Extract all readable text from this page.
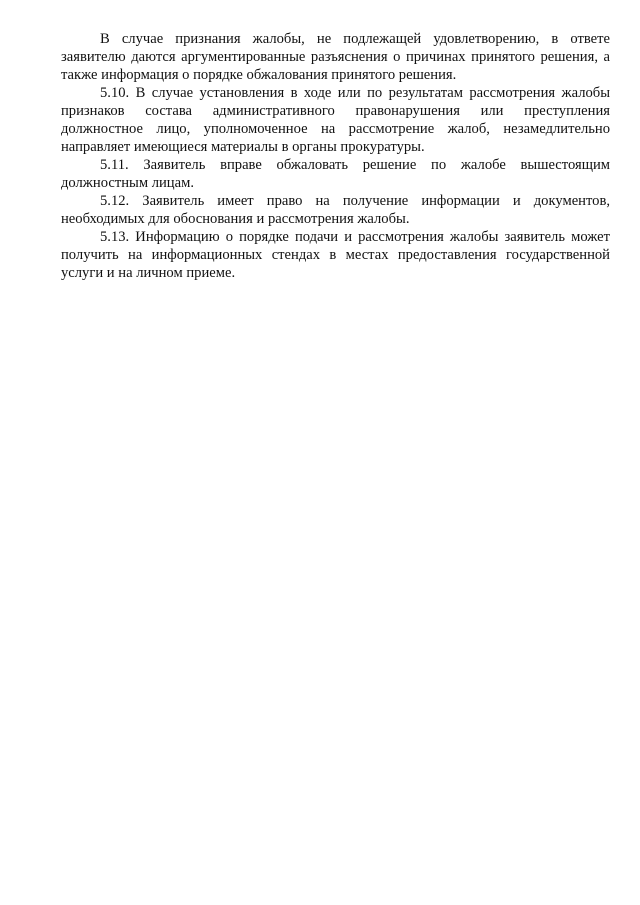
В случае признания жалобы, не подлежащей удовлетворению, в ответе заявителю даются аргументированные разъяснения о причинах принятого решения, а также информация о порядке обжалования принятого решения.

5.10. В случае установления в ходе или по результатам рассмотрения жалобы признаков состава административного правонарушения или преступления должностное лицо, уполномоченное на рассмотрение жалоб, незамедлительно направляет имеющиеся материалы в органы прокуратуры.

5.11. Заявитель вправе обжаловать решение по жалобе вышестоящим должностным лицам.

5.12. Заявитель имеет право на получение информации и документов, необходимых для обоснования и рассмотрения жалобы.

5.13. Информацию о порядке подачи и рассмотрения жалобы заявитель может получить на информационных стендах в местах предоставления государственной услуги и на личном приеме.
